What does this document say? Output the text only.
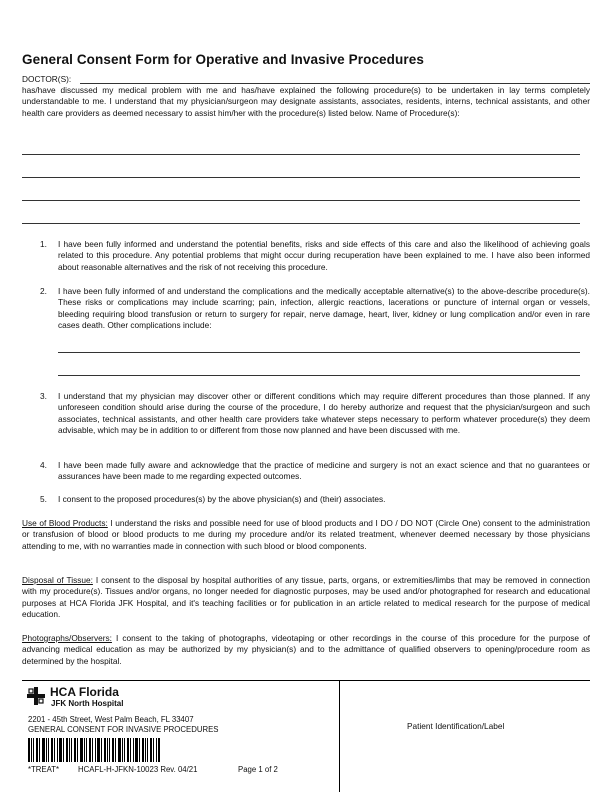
General Consent Form for Operative and Invasive Procedures
DOCTOR(S):
has/have discussed my medical problem with me and has/have explained the following procedure(s) to be undertaken in lay terms completely understandable to me. I understand that my physician/surgeon may designate assistants, associates, residents, interns, technical assistants, and other health care providers as deemed necessary to assist him/her with the procedure(s) listed below. Name of Procedure(s):
1. I have been fully informed and understand the potential benefits, risks and side effects of this care and also the likelihood of achieving goals related to this procedure. Any potential problems that might occur during recuperation have been explained to me. I have also been informed about reasonable alternatives and the risk of not receiving this procedure.
2. I have been fully informed of and understand the complications and the medically acceptable alternative(s) to the above-describe procedure(s). These risks or complications may include scarring; pain, infection, allergic reactions, lacerations or puncture of internal organ or vessels, bleeding requiring blood transfusion or return to surgery for repair, nerve damage, heart, liver, kidney or lung complication and/or even in rare cases death. Other complications include:
3. I understand that my physician may discover other or different conditions which may require different procedures than those planned. If any unforeseen condition should arise during the course of the procedure, I do hereby authorize and request that the physician/surgeon and such associates, technical assistants, and other health care providers take whatever steps necessary to perform whatever procedure(s) they deem advisable, which may be in addition to or different from those now planned and have been discussed with me.
4. I have been made fully aware and acknowledge that the practice of medicine and surgery is not an exact science and that no guarantees or assurances have been made to me regarding expected outcomes.
5. I consent to the proposed procedures(s) by the above physician(s) and (their) associates.
Use of Blood Products: I understand the risks and possible need for use of blood products and I DO / DO NOT (Circle One) consent to the administration or transfusion of blood or blood products to me during my procedure and/or its related treatment, whenever deemed necessary by those physicians attending to me, with no warranties made in connection with such blood or blood components.
Disposal of Tissue: I consent to the disposal by hospital authorities of any tissue, parts, organs, or extremities/limbs that may be removed in connection with my procedure(s). Tissues and/or organs, no longer needed for diagnostic purposes, may be used and/or photographed for research and educational purposes at HCA Florida JFK Hospital, and it's teaching facilities or for publication in an article related to medical research for the purpose of medical education.
Photographs/Observers: I consent to the taking of photographs, videotaping or other recordings in the course of this procedure for the purpose of advancing medical education as may be authorized by my physician(s) and to the admittance of qualified observers to opening/procedure room as determined by the hospital.
HCA Florida
JFK North Hospital
2201 - 45th Street, West Palm Beach, FL 33407
GENERAL CONSENT FOR INVASIVE PROCEDURES
*TREAT* HCAFL-H-JFKN-10023 Rev. 04/21	Page 1 of 2
Patient Identification/Label
